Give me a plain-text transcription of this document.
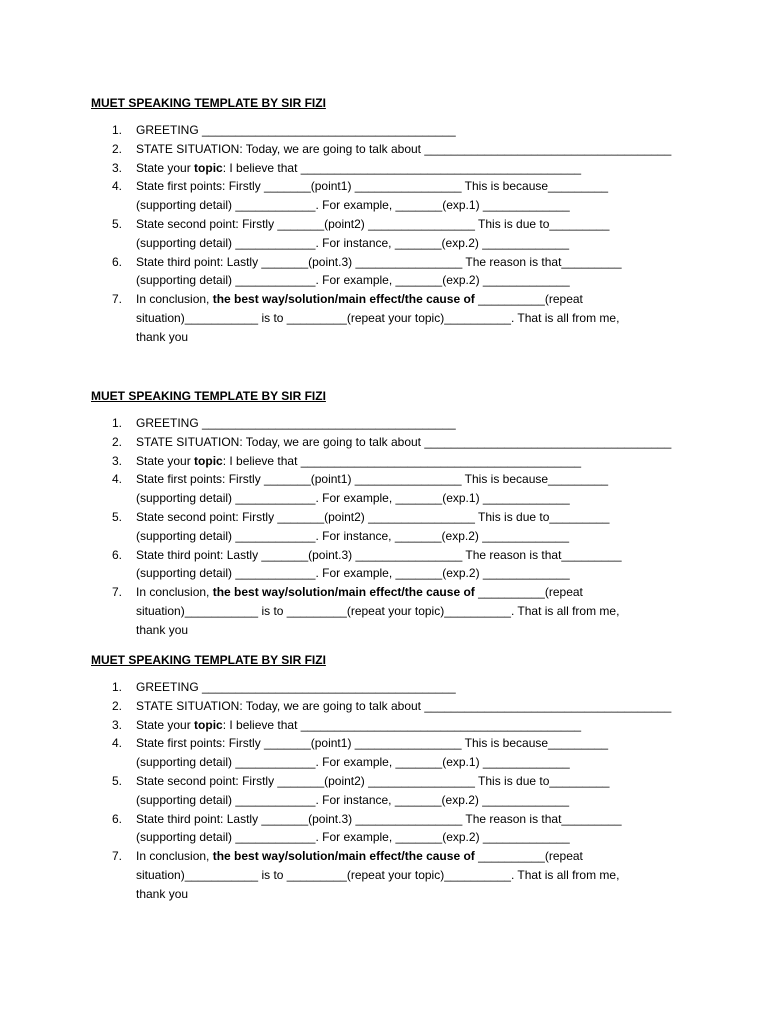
MUET SPEAKING TEMPLATE BY SIR FIZI
1. GREETING ______________________________________
2. STATE SITUATION: Today, we are going to talk about _____________________________________
3. State your topic: I believe that __________________________________________
4. State first points: Firstly _______(point1) ________________ This is because_________
(supporting detail) ____________. For example, _______(exp.1) _____________
5. State second point: Firstly _______(point2) ________________ This is due to_________
(supporting detail) ____________. For instance, _______(exp.2) _____________
6. State third point: Lastly _______(point.3) ________________ The reason is that_________
(supporting detail) ____________. For example, _______(exp.2) _____________
7. In conclusion, the best way/solution/main effect/the cause of __________(repeat
situation)___________ is to _________(repeat your topic)__________. That is all from me,
thank you
MUET SPEAKING TEMPLATE BY SIR FIZI
1. GREETING ______________________________________
2. STATE SITUATION: Today, we are going to talk about _____________________________________
3. State your topic: I believe that __________________________________________
4. State first points: Firstly _______(point1) ________________ This is because_________
(supporting detail) ____________. For example, _______(exp.1) _____________
5. State second point: Firstly _______(point2) ________________ This is due to_________
(supporting detail) ____________. For instance, _______(exp.2) _____________
6. State third point: Lastly _______(point.3) ________________ The reason is that_________
(supporting detail) ____________. For example, _______(exp.2) _____________
7. In conclusion, the best way/solution/main effect/the cause of __________(repeat
situation)___________ is to _________(repeat your topic)__________. That is all from me,
thank you
MUET SPEAKING TEMPLATE BY SIR FIZI
1. GREETING ______________________________________
2. STATE SITUATION: Today, we are going to talk about _____________________________________
3. State your topic: I believe that __________________________________________
4. State first points: Firstly _______(point1) ________________ This is because_________
(supporting detail) ____________. For example, _______(exp.1) _____________
5. State second point: Firstly _______(point2) ________________ This is due to_________
(supporting detail) ____________. For instance, _______(exp.2) _____________
6. State third point: Lastly _______(point.3) ________________ The reason is that_________
(supporting detail) ____________. For example, _______(exp.2) _____________
7. In conclusion, the best way/solution/main effect/the cause of __________(repeat
situation)___________ is to _________(repeat your topic)__________. That is all from me,
thank you
